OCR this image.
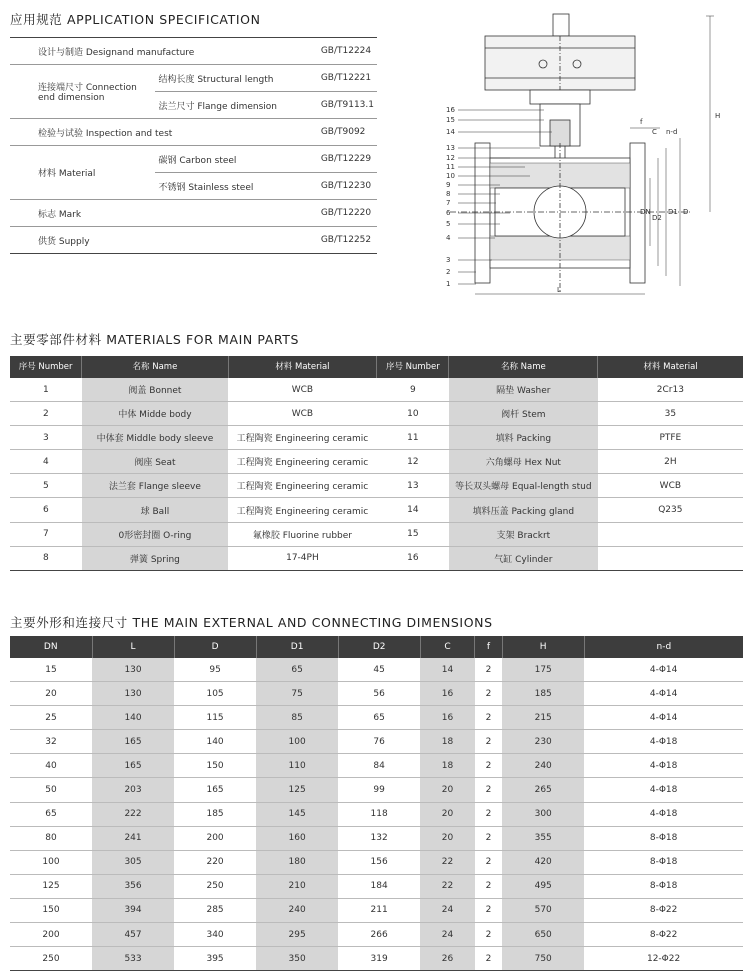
应用规范 APPLICATION SPECIFICATION
设计与制造 Designand manufacture		GB/T12224
连接端尺寸 Connection end dimension	结构长度 Structural length	GB/T12221
	法兰尺寸 Flange dimension	GB/T9113.1
检验与试验 Inspection and test		GB/T9092
材料 Material	碳钢 Carbon steel	GB/T12229
	不锈钢 Stainless steel	GB/T12230
标志 Mark		GB/T12220
供货 Supply		GB/T12252
16
15
14
13
12
11
10
9
8
7
6
5
4
3
2
1
H
f
C n-d
DN
D2
D1 D
L
主要零部件材料 MATERIALS FOR MAIN PARTS
序号 Number	名称 Name	材料 Material	序号 Number	名称 Name	材料 Material
1	阀盖 Bonnet	WCB	9	隔垫 Washer	2Cr13
2	中体 Midde body	WCB	10	阀杆 Stem	35
3	中体套 Middle body sleeve	工程陶瓷 Engineering ceramic	11	填料 Packing	PTFE
4	阀座 Seat	工程陶瓷 Engineering ceramic	12	六角螺母 Hex Nut	2H
5	法兰套 Flange sleeve	工程陶瓷 Engineering ceramic	13	等长双头螺母 Equal-length stud	WCB
6	球 Ball	工程陶瓷 Engineering ceramic	14	填料压盖 Packing gland	Q235
7	0形密封圈 O-ring	氟橡胶 Fluorine rubber	15	支架 Brackrt	
8	弹簧 Spring	17-4PH	16	气缸 Cylinder	
主要外形和连接尺寸 THE MAIN EXTERNAL AND CONNECTING DIMENSIONS
DN	L	D	D1	D2	C	f	H	n-d
15	130	95	65	45	14	2	175	4-Φ14
20	130	105	75	56	16	2	185	4-Φ14
25	140	115	85	65	16	2	215	4-Φ14
32	165	140	100	76	18	2	230	4-Φ18
40	165	150	110	84	18	2	240	4-Φ18
50	203	165	125	99	20	2	265	4-Φ18
65	222	185	145	118	20	2	300	4-Φ18
80	241	200	160	132	20	2	355	8-Φ18
100	305	220	180	156	22	2	420	8-Φ18
125	356	250	210	184	22	2	495	8-Φ18
150	394	285	240	211	24	2	570	8-Φ22
200	457	340	295	266	24	2	650	8-Φ22
250	533	395	350	319	26	2	750	12-Φ22
